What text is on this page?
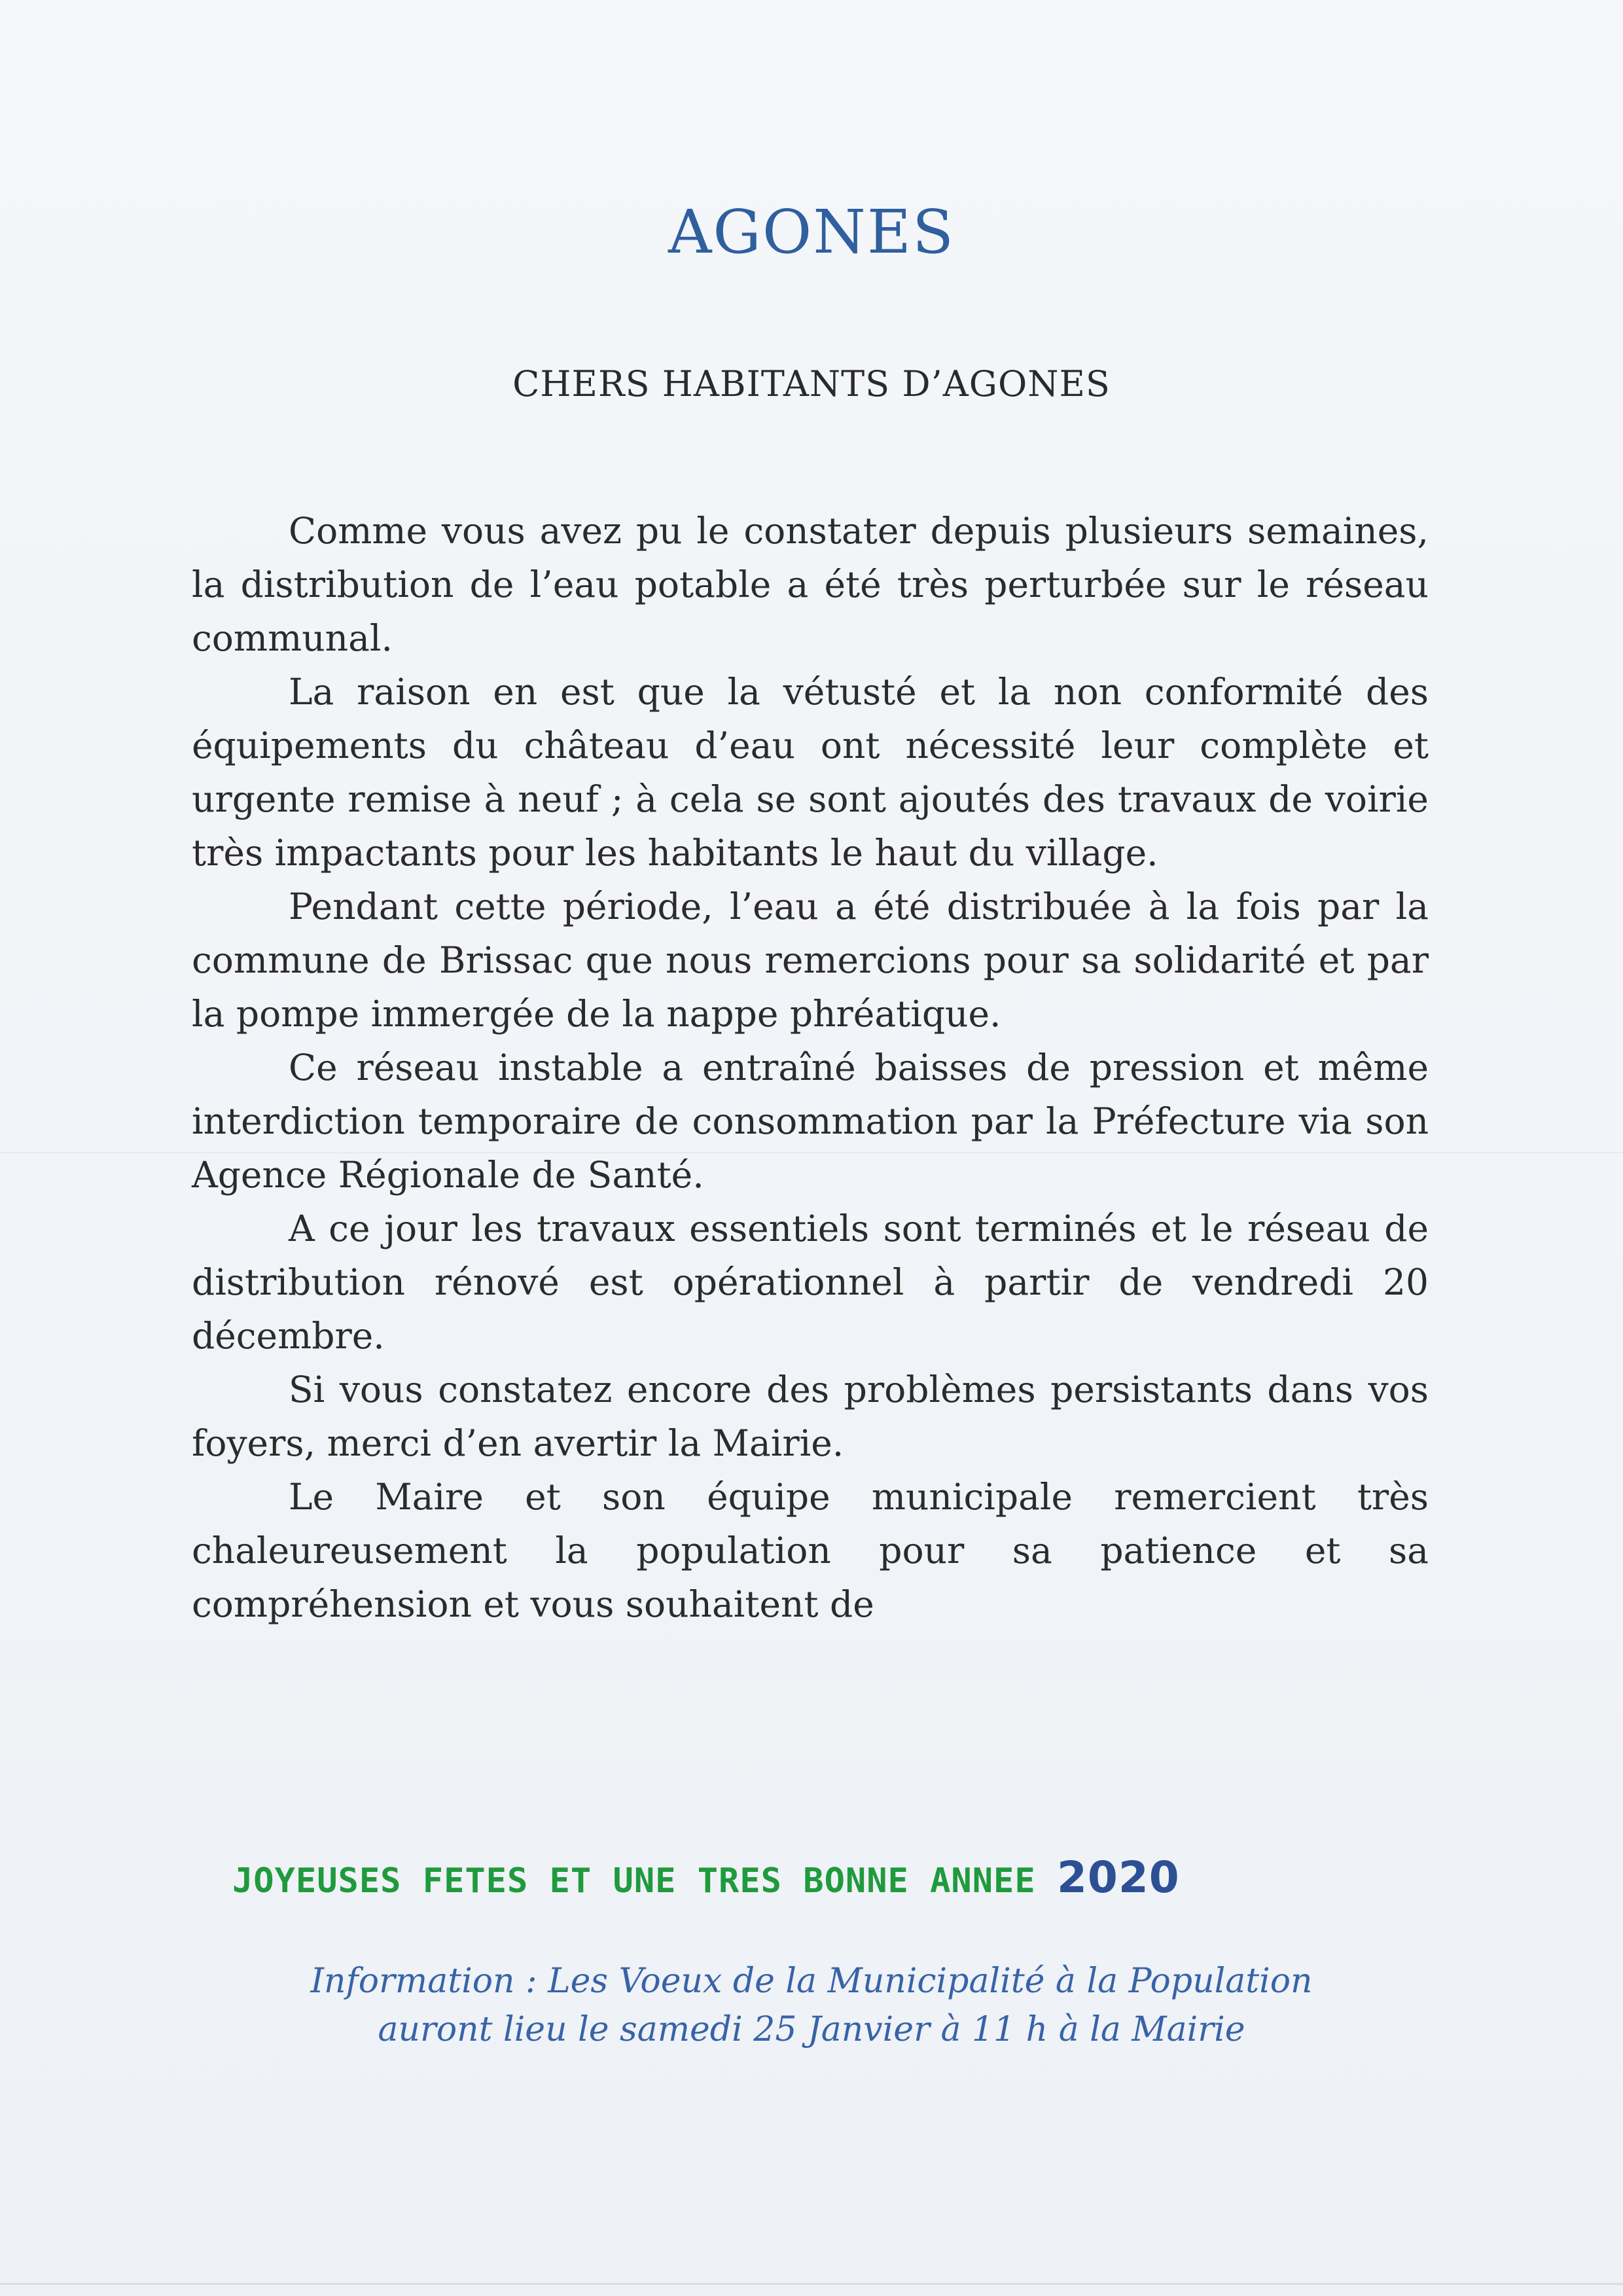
AGONES
CHERS HABITANTS D’AGONES

Comme vous avez pu le constater depuis plusieurs semaines, la distribution de l’eau potable a été très perturbée sur le réseau communal.

La raison en est que la vétusté et la non conformité des équipements du château d’eau ont nécessité leur complète et urgente remise à neuf ; à cela se sont ajoutés des travaux de voirie très impactants pour les habitants le haut du village.

Pendant cette période, l’eau a été distribuée à la fois par la commune de Brissac que nous remercions pour sa solidarité et par la pompe immergée de la nappe phréatique.

Ce réseau instable a entraîné baisses de pression et même interdiction temporaire de consommation par la Préfecture via son Agence Régionale de Santé.

A ce jour les travaux essentiels sont terminés et le réseau de distribution rénové est opérationnel à partir de vendredi 20 décembre.

Si vous constatez encore des problèmes persistants dans vos foyers, merci d’en avertir la Mairie.

Le Maire et son équipe municipale remercient très chaleureusement la population pour sa patience et sa compréhension et vous souhaitent de

JOYEUSES FETES ET UNE TRES BONNE ANNEE 2020
Information : Les Voeux de la Municipalité à la Population
auront lieu le samedi 25 Janvier à 11 h à la Mairie
